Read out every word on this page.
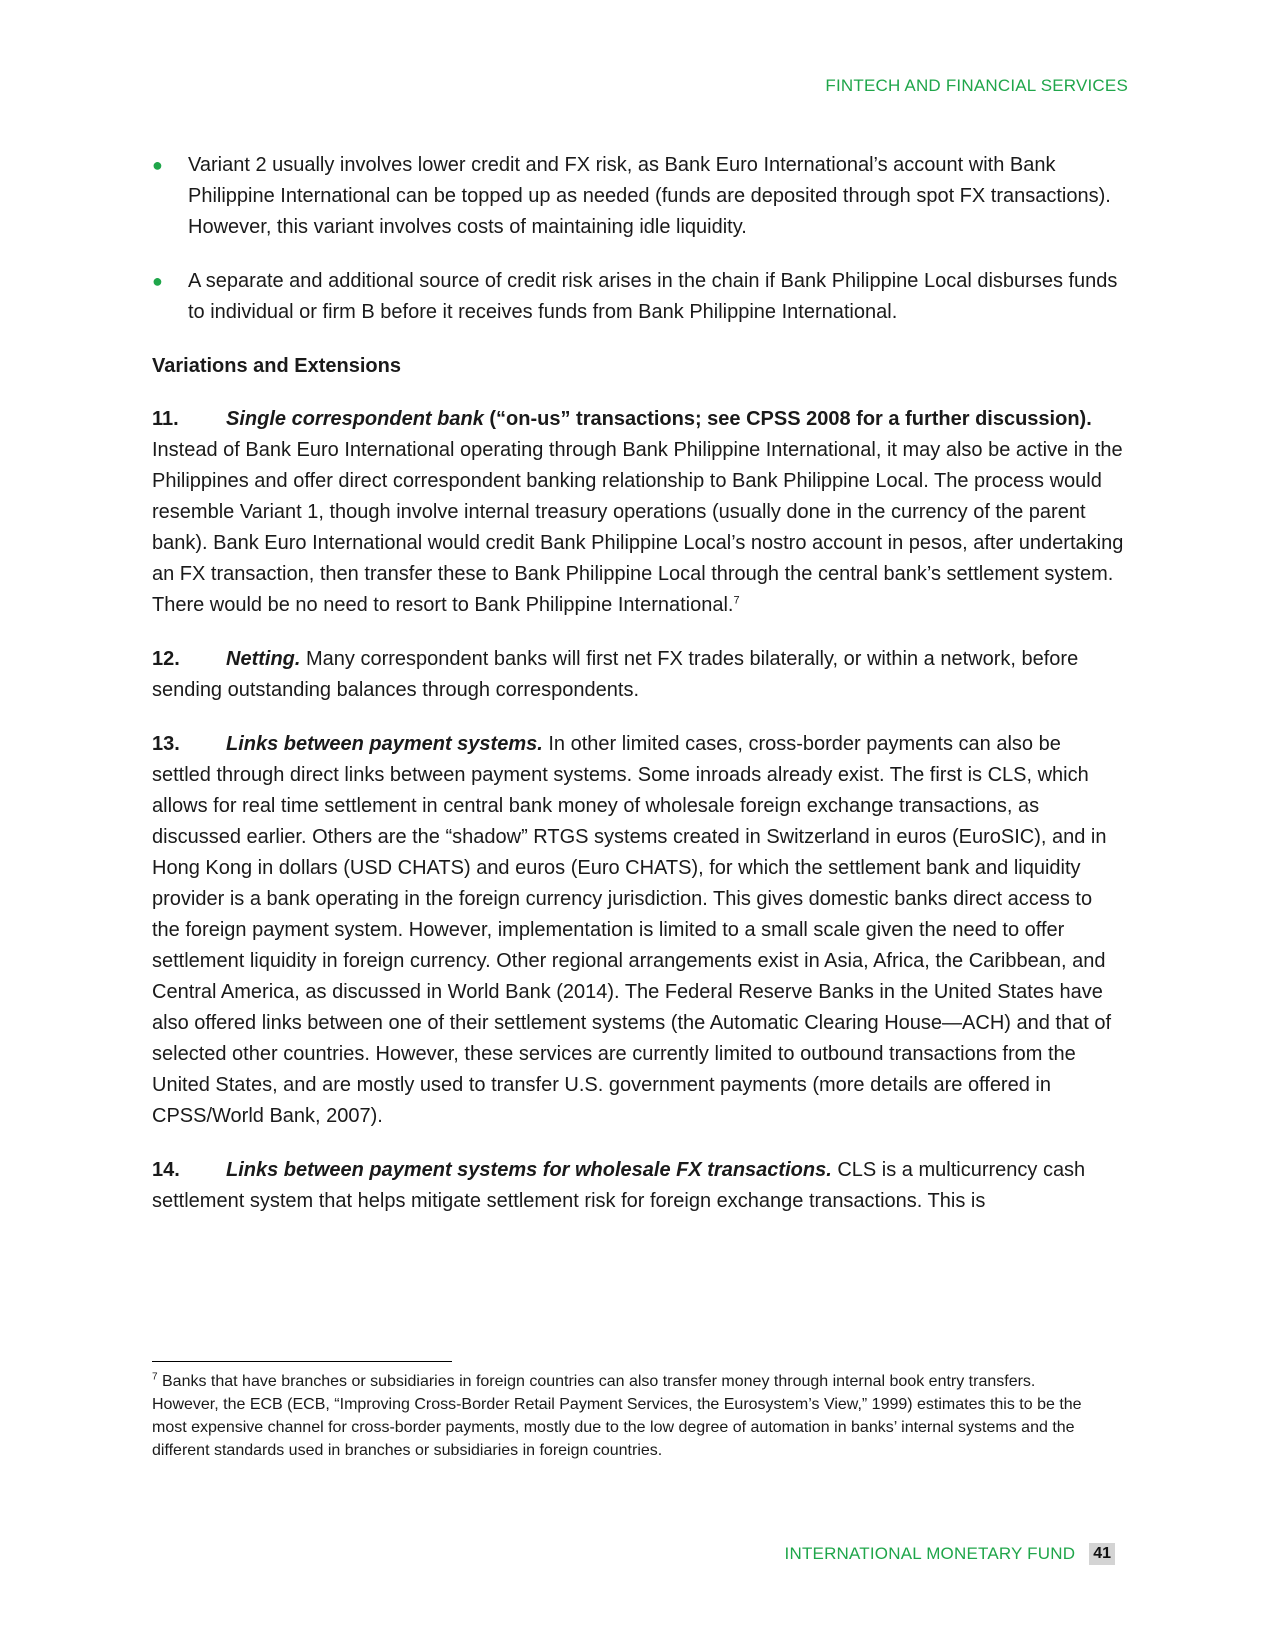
FINTECH AND FINANCIAL SERVICES
● Variant 2 usually involves lower credit and FX risk, as Bank Euro International’s account with Bank Philippine International can be topped up as needed (funds are deposited through spot FX transactions). However, this variant involves costs of maintaining idle liquidity.
● A separate and additional source of credit risk arises in the chain if Bank Philippine Local disburses funds to individual or firm B before it receives funds from Bank Philippine International.
Variations and Extensions

11. Single correspondent bank (“on-us” transactions; see CPSS 2008 for a further discussion). Instead of Bank Euro International operating through Bank Philippine International, it may also be active in the Philippines and offer direct correspondent banking relationship to Bank Philippine Local. The process would resemble Variant 1, though involve internal treasury operations (usually done in the currency of the parent bank). Bank Euro International would credit Bank Philippine Local’s nostro account in pesos, after undertaking an FX transaction, then transfer these to Bank Philippine Local through the central bank’s settlement system. There would be no need to resort to Bank Philippine International.$^7$

12. Netting. Many correspondent banks will first net FX trades bilaterally, or within a network, before sending outstanding balances through correspondents.

13. Links between payment systems. In other limited cases, cross-border payments can also be settled through direct links between payment systems. Some inroads already exist. The first is CLS, which allows for real time settlement in central bank money of wholesale foreign exchange transactions, as discussed earlier. Others are the “shadow” RTGS systems created in Switzerland in euros (EuroSIC), and in Hong Kong in dollars (USD CHATS) and euros (Euro CHATS), for which the settlement bank and liquidity provider is a bank operating in the foreign currency jurisdiction. This gives domestic banks direct access to the foreign payment system. However, implementation is limited to a small scale given the need to offer settlement liquidity in foreign currency. Other regional arrangements exist in Asia, Africa, the Caribbean, and Central America, as discussed in World Bank (2014). The Federal Reserve Banks in the United States have also offered links between one of their settlement systems (the Automatic Clearing House—ACH) and that of selected other countries. However, these services are currently limited to outbound transactions from the United States, and are mostly used to transfer U.S. government payments (more details are offered in CPSS/World Bank, 2007).

14. Links between payment systems for wholesale FX transactions. CLS is a multicurrency cash settlement system that helps mitigate settlement risk for foreign exchange transactions. This is

$^7$ Banks that have branches or subsidiaries in foreign countries can also transfer money through internal book entry transfers. However, the ECB (ECB, “Improving Cross-Border Retail Payment Services, the Eurosystem’s View,” 1999) estimates this to be the most expensive channel for cross-border payments, mostly due to the low degree of automation in banks’ internal systems and the different standards used in branches or subsidiaries in foreign countries.
INTERNATIONAL MONETARY FUND 41
